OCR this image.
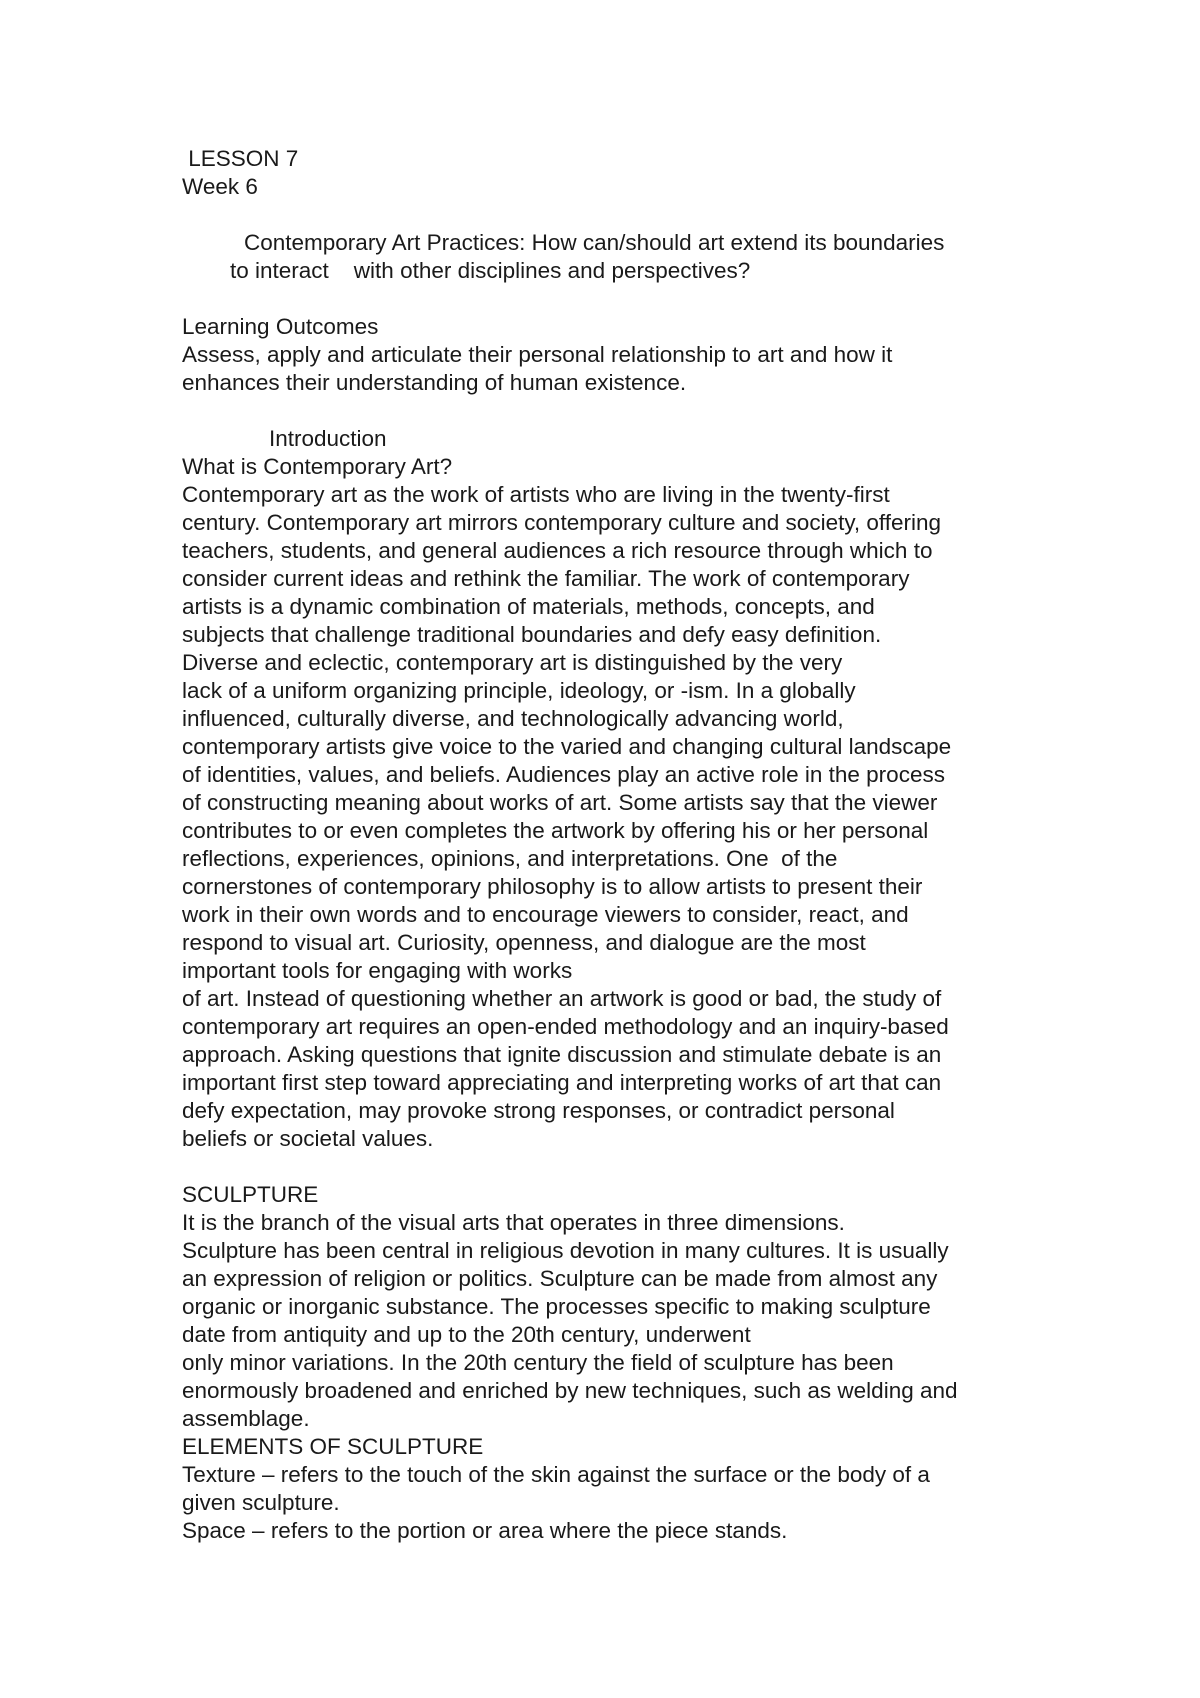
LESSON 7
Week 6
Contemporary Art Practices: How can/should art extend its boundaries
to interact    with other disciplines and perspectives?
Learning Outcomes
Assess, apply and articulate their personal relationship to art and how it
enhances their understanding of human existence.
Introduction
What is Contemporary Art?
Contemporary art as the work of artists who are living in the twenty-first
century. Contemporary art mirrors contemporary culture and society, offering
teachers, students, and general audiences a rich resource through which to
consider current ideas and rethink the familiar. The work of contemporary
artists is a dynamic combination of materials, methods, concepts, and
subjects that challenge traditional boundaries and defy easy definition.
Diverse and eclectic, contemporary art is distinguished by the very
lack of a uniform organizing principle, ideology, or -ism. In a globally
influenced, culturally diverse, and technologically advancing world,
contemporary artists give voice to the varied and changing cultural landscape
of identities, values, and beliefs. Audiences play an active role in the process
of constructing meaning about works of art. Some artists say that the viewer
contributes to or even completes the artwork by offering his or her personal
reflections, experiences, opinions, and interpretations. One  of the
cornerstones of contemporary philosophy is to allow artists to present their
work in their own words and to encourage viewers to consider, react, and
respond to visual art. Curiosity, openness, and dialogue are the most
important tools for engaging with works
of art. Instead of questioning whether an artwork is good or bad, the study of
contemporary art requires an open-ended methodology and an inquiry-based
approach. Asking questions that ignite discussion and stimulate debate is an
important first step toward appreciating and interpreting works of art that can
defy expectation, may provoke strong responses, or contradict personal
beliefs or societal values.
SCULPTURE
It is the branch of the visual arts that operates in three dimensions.
Sculpture has been central in religious devotion in many cultures. It is usually
an expression of religion or politics. Sculpture can be made from almost any
organic or inorganic substance. The processes specific to making sculpture
date from antiquity and up to the 20th century, underwent
only minor variations. In the 20th century the field of sculpture has been
enormously broadened and enriched by new techniques, such as welding and
assemblage.
ELEMENTS OF SCULPTURE
Texture – refers to the touch of the skin against the surface or the body of a
given sculpture.
Space – refers to the portion or area where the piece stands.
